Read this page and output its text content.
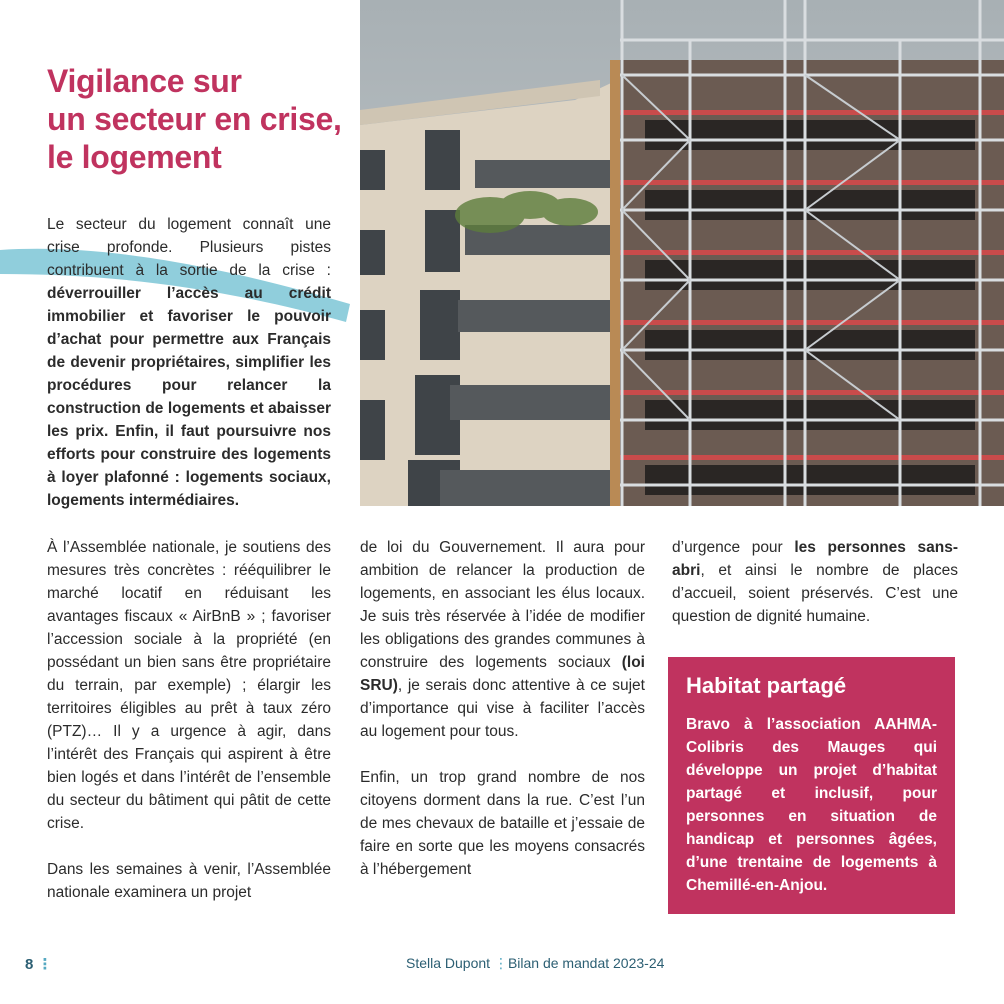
Vigilance sur
un secteur en crise,
le logement

Le secteur du logement connaît une crise profonde. Plusieurs pistes contribuent à la sortie de la crise : déverrouiller l’accès au crédit immobilier et favoriser le pouvoir d’achat pour permettre aux Français de devenir propriétaires, simplifier les procédures pour relancer la construction de logements et abaisser les prix. Enfin, il faut poursuivre nos efforts pour construire des logements à loyer plafonné : logements sociaux, logements intermédiaires.

À l’Assemblée nationale, je soutiens des mesures très concrètes : rééquilibrer le marché locatif en réduisant les avantages fiscaux « AirBnB » ; favoriser l’accession sociale à la propriété (en possédant un bien sans être propriétaire du terrain, par exemple) ; élargir les territoires éligibles au prêt à taux zéro (PTZ)… Il y a urgence à agir, dans l’intérêt des Français qui aspirent à être bien logés et dans l’intérêt de l’ensemble du secteur du bâtiment qui pâtit de cette crise.

Dans les semaines à venir, l’Assemblée nationale examinera un projet

de loi du Gouvernement. Il aura pour ambition de relancer la production de logements, en associant les élus locaux. Je suis très réservée à l’idée de modifier les obligations des grandes communes à construire des logements sociaux (loi SRU), je serais donc attentive à ce sujet d’importance qui vise à faciliter l’accès au logement pour tous.

Enfin, un trop grand nombre de nos citoyens dorment dans la rue. C’est l’un de mes chevaux de bataille et j’essaie de faire en sorte que les moyens consacrés à l’hébergement

d’urgence pour les personnes sans-abri, et ainsi le nombre de places d’accueil, soient préservés. C’est une question de dignité humaine.

Habitat partagé

Bravo à l’association AAHMA-Colibris des Mauges qui développe un projet d’habitat partagé et inclusif, pour personnes en situation de handicap et personnes âgées, d’une trentaine de logements à Chemillé-en-Anjou.

8 ⋮	Stella Dupont ⋮Bilan de mandat 2023-24
